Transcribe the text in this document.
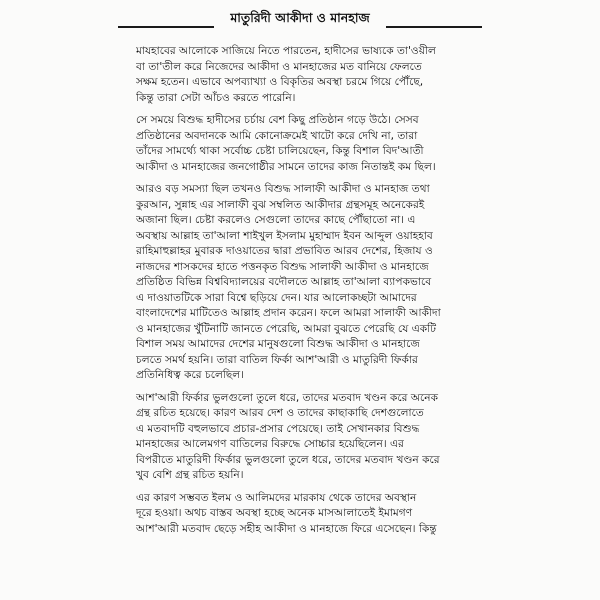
মাতুরিদী আকীদা ও মানহাজ

মাযহাবের আলোকে সাজিয়ে নিতে পারতেন, হাদীসের ভাষ্যকে তা'ওয়ীল
বা তা'তীল করে নিজেদের আকীদা ও মানহাজের মত বানিয়ে ফেলতে
সক্ষম হতেন। এভাবে অপব্যাখ্যা ও বিকৃতির অবস্থা চরমে গিয়ে পৌঁছে,
কিন্তু তারা সেটা আঁচও করতে পারেনি।

সে সময়ে বিশুদ্ধ হাদীসের চর্চায় বেশ কিছু প্রতিষ্ঠান গড়ে উঠে। সেসব
প্রতিষ্ঠানের অবদানকে আমি কোনোক্রমেই খাটো করে দেখি না, তারা
তাঁদের সামর্থ্যে থাকা সর্বোচ্চ চেষ্টা চালিয়েছেন, কিন্তু বিশাল বিদ'আতী
আকীদা ও মানহাজের জনগোষ্ঠীর সামনে তাদের কাজ নিতান্তই কম ছিল।

আরও বড় সমস্যা ছিল তখনও বিশুদ্ধ সালাফী আকীদা ও মানহাজ তথা
কুরআন, সুন্নাহ এর সালাফী বুঝ সম্বলিত আকীদার গ্রন্থসমূহ অনেকেরই
অজানা ছিল। চেষ্টা করলেও সেগুলো তাদের কাছে পৌঁছাতো না। এ
অবস্থায় আল্লাহ তা'আলা শাইখুল ইসলাম মুহাম্মাদ ইবন আব্দুল ওয়াহহাব
রাহিমাহুল্লাহর মুবারক দাওয়াতের দ্বারা প্রভাবিত আরব দেশের, হিজায ও
নাজদের শাসকদের হাতে পত্তনকৃত বিশুদ্ধ সালাফী আকীদা ও মানহাজে
প্রতিষ্ঠিত বিভিন্ন বিশ্ববিদ্যালয়ের বদৌলতে আল্লাহ তা'আলা ব্যাপকভাবে
এ দাওয়াতটিকে সারা বিশ্বে ছড়িয়ে দেন। যার আলোকচ্ছটা আমাদের
বাংলাদেশের মাটিতেও আল্লাহ প্রদান করেন। ফলে আমরা সালাফী আকীদা
ও মানহাজের খুঁটিনাটি জানতে পেরেছি, আমরা বুঝতে পেরেছি যে একটি
বিশাল সময় আমাদের দেশের মানুষগুলো বিশুদ্ধ আকীদা ও মানহাজে
চলতে সমর্থ হয়নি। তারা বাতিল ফির্কা আশ'আরী ও মাতুরিদী ফির্কার
প্রতিনিধিত্ব করে চলেছিল।

আশ'আরী ফির্কার ভুলগুলো তুলে ধরে, তাদের মতবাদ খণ্ডন করে অনেক
গ্রন্থ রচিত হয়েছে। কারণ আরব দেশ ও তাদের কাছাকাছি দেশগুলোতে
এ মতবাদটি বহুলভাবে প্রচার-প্রসার পেয়েছে। তাই সেখানকার বিশুদ্ধ
মানহাজের আলেমগণ বাতিলের বিরুদ্ধে সোচ্চার হয়েছিলেন। এর
বিপরীতে মাতুরিদী ফির্কার ভুলগুলো তুলে ধরে, তাদের মতবাদ খণ্ডন করে
খুব বেশি গ্রন্থ রচিত হয়নি।

এর কারণ সম্ভবত ইলম ও আলিমদের মারকায থেকে তাদের অবস্থান
দূরে হওয়া। অথচ বাস্তব অবস্থা হচ্ছে অনেক মাসআলাতেই ইমামগণ
আশ'আরী মতবাদ ছেড়ে সহীহ আকীদা ও মানহাজে ফিরে এসেছেন। কিন্তু
